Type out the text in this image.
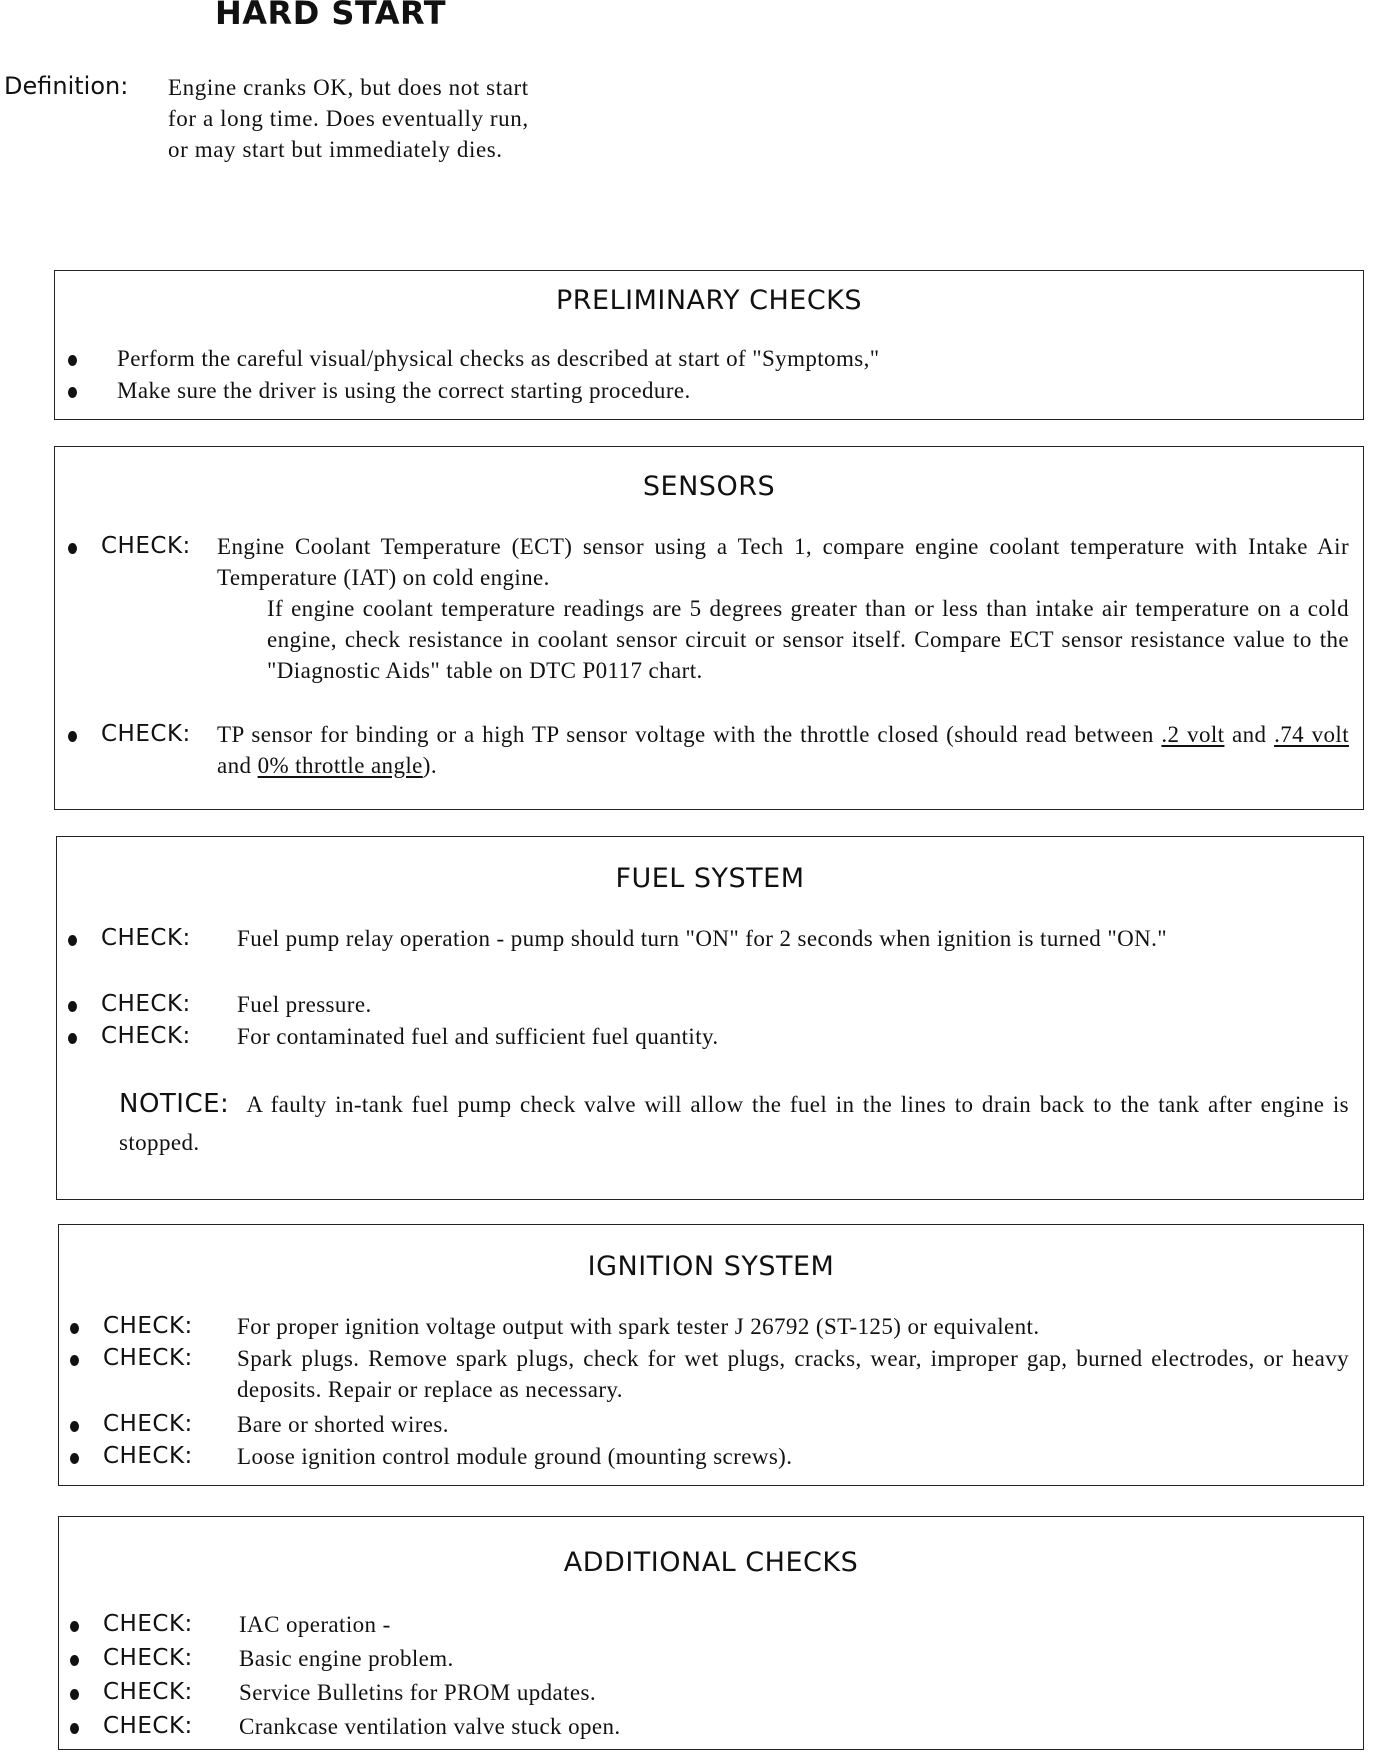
HARD START
Definition: Engine cranks OK, but does not start
for a long time. Does eventually run,
or may start but immediately dies.
PRELIMINARY CHECKS
Perform the careful visual/physical checks as described at start of "Symptoms,"
Make sure the driver is using the correct starting procedure.
SENSORS
CHECK: Engine Coolant Temperature (ECT) sensor using a Tech 1, compare engine coolant temperature with Intake Air Temperature (IAT) on cold engine.
If engine coolant temperature readings are 5 degrees greater than or less than intake air temperature on a cold engine, check resistance in coolant sensor circuit or sensor itself. Compare ECT sensor resistance value to the "Diagnostic Aids" table on DTC P0117 chart.
CHECK: TP sensor for binding or a high TP sensor voltage with the throttle closed (should read between .2 volt and .74 volt and 0% throttle angle).
FUEL SYSTEM
CHECK: Fuel pump relay operation - pump should turn "ON" for 2 seconds when ignition is turned "ON."
CHECK: Fuel pressure.
CHECK: For contaminated fuel and sufficient fuel quantity.
NOTICE: A faulty in-tank fuel pump check valve will allow the fuel in the lines to drain back to the tank after engine is stopped.
IGNITION SYSTEM
CHECK: For proper ignition voltage output with spark tester J 26792 (ST-125) or equivalent.
CHECK: Spark plugs. Remove spark plugs, check for wet plugs, cracks, wear, improper gap, burned electrodes, or heavy deposits. Repair or replace as necessary.
CHECK: Bare or shorted wires.
CHECK: Loose ignition control module ground (mounting screws).
ADDITIONAL CHECKS
CHECK: IAC operation -
CHECK: Basic engine problem.
CHECK: Service Bulletins for PROM updates.
CHECK: Crankcase ventilation valve stuck open.
